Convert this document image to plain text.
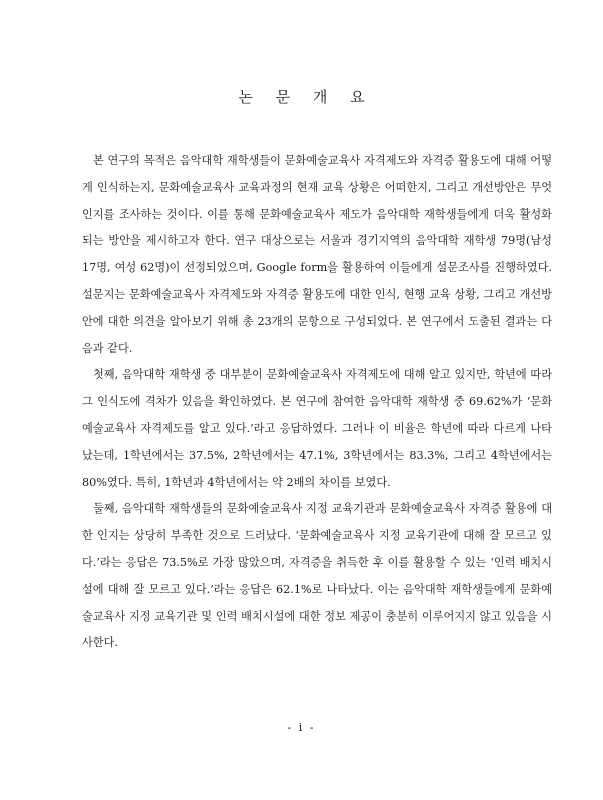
논 문 개 요

본 연구의 목적은 음악대학 재학생들이 문화예술교육사 자격제도와 자격증 활용도에 대해 어떻게 인식하는지, 문화예술교육사 교육과정의 현재 교육 상황은 어떠한지, 그리고 개선방안은 무엇인지를 조사하는 것이다. 이를 통해 문화예술교육사 제도가 음악대학 재학생들에게 더욱 활성화되는 방안을 제시하고자 한다. 연구 대상으로는 서울과 경기지역의 음악대학 재학생 79명(남성 17명, 여성 62명)이 선정되었으며, Google form을 활용하여 이들에게 설문조사를 진행하였다. 설문지는 문화예술교육사 자격제도와 자격증 활용도에 대한 인식, 현행 교육 상황, 그리고 개선방안에 대한 의견을 알아보기 위해 총 23개의 문항으로 구성되었다. 본 연구에서 도출된 결과는 다음과 같다.

첫째, 음악대학 재학생 중 대부분이 문화예술교육사 자격제도에 대해 알고 있지만, 학년에 따라 그 인식도에 격차가 있음을 확인하였다. 본 연구에 참여한 음악대학 재학생 중 69.62%가 ‘문화예술교육사 자격제도를 알고 있다.’라고 응답하였다. 그러나 이 비율은 학년에 따라 다르게 나타났는데, 1학년에서는 37.5%, 2학년에서는 47.1%, 3학년에서는 83.3%, 그리고 4학년에서는 80%였다. 특히, 1학년과 4학년에서는 약 2배의 차이를 보였다.

둘째, 음악대학 재학생들의 문화예술교육사 지정 교육기관과 문화예술교육사 자격증 활용에 대한 인지는 상당히 부족한 것으로 드러났다. ‘문화예술교육사 지정 교육기관에 대해 잘 모르고 있다.’라는 응답은 73.5%로 가장 많았으며, 자격증을 취득한 후 이를 활용할 수 있는 ‘인력 배치시설에 대해 잘 모르고 있다.’라는 응답은 62.1%로 나타났다. 이는 음악대학 재학생들에게 문화예술교육사 지정 교육기관 및 인력 배치시설에 대한 정보 제공이 충분히 이루어지지 않고 있음을 시사한다.

- i -
